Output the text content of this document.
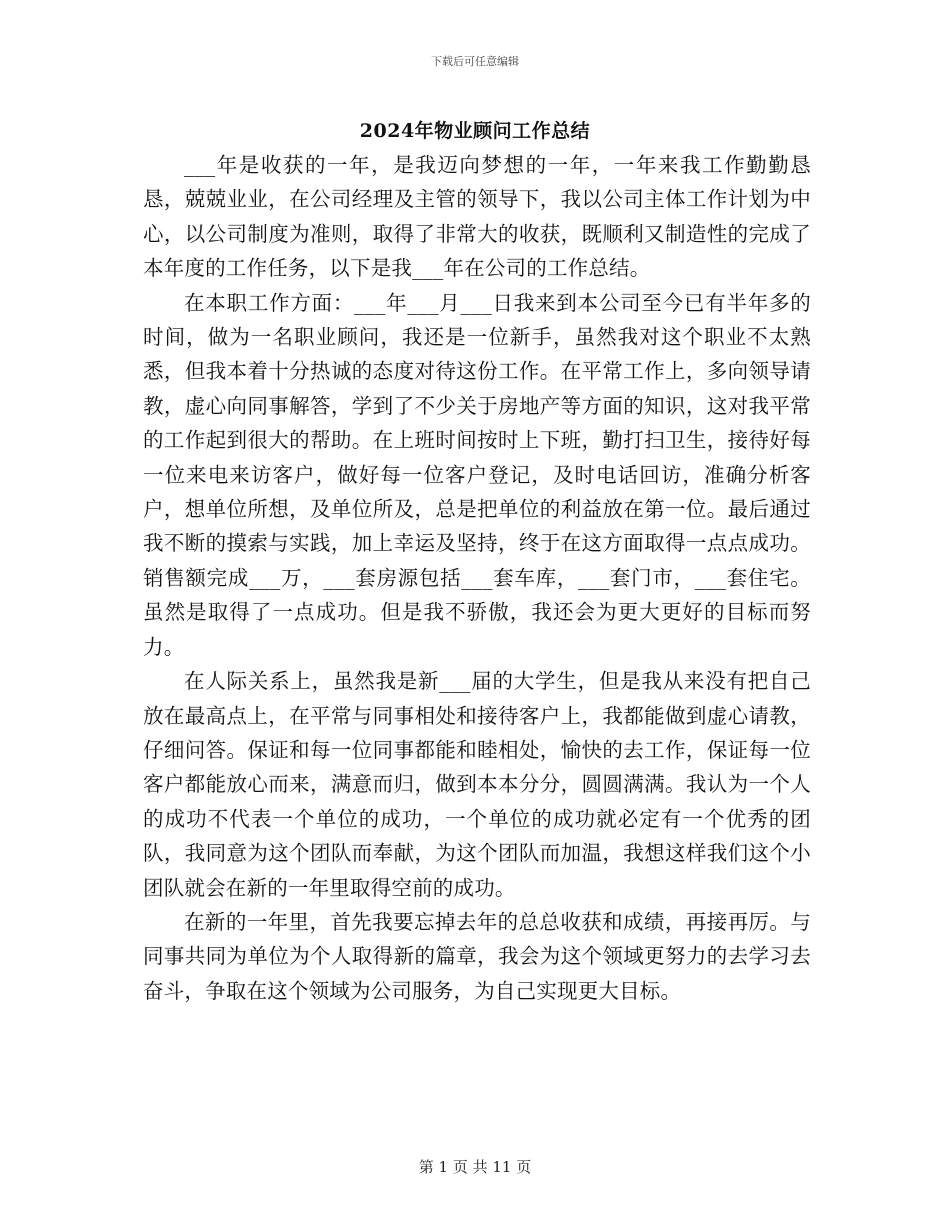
下载后可任意编辑
2024年物业顾问工作总结

___年是收获的一年，是我迈向梦想的一年，一年来我工作勤勤恳恳，兢兢业业，在公司经理及主管的领导下，我以公司主体工作计划为中心，以公司制度为准则，取得了非常大的收获，既顺利又制造性的完成了本年度的工作任务，以下是我___年在公司的工作总结。

在本职工作方面：___年___月___日我来到本公司至今已有半年多的时间，做为一名职业顾问，我还是一位新手，虽然我对这个职业不太熟悉，但我本着十分热诚的态度对待这份工作。在平常工作上，多向领导请教，虚心向同事解答，学到了不少关于房地产等方面的知识，这对我平常的工作起到很大的帮助。在上班时间按时上下班，勤打扫卫生，接待好每一位来电来访客户，做好每一位客户登记，及时电话回访，准确分析客户，想单位所想，及单位所及，总是把单位的利益放在第一位。最后通过我不断的摸索与实践，加上幸运及坚持，终于在这方面取得一点点成功。销售额完成___万，___套房源包括___套车库，___套门市，___套住宅。虽然是取得了一点成功。但是我不骄傲，我还会为更大更好的目标而努力。

在人际关系上，虽然我是新___届的大学生，但是我从来没有把自己放在最高点上，在平常与同事相处和接待客户上，我都能做到虚心请教，仔细问答。保证和每一位同事都能和睦相处，愉快的去工作，保证每一位客户都能放心而来，满意而归，做到本本分分，圆圆满满。我认为一个人的成功不代表一个单位的成功，一个单位的成功就必定有一个优秀的团队，我同意为这个团队而奉献，为这个团队而加温，我想这样我们这个小团队就会在新的一年里取得空前的成功。

在新的一年里，首先我要忘掉去年的总总收获和成绩，再接再厉。与同事共同为单位为个人取得新的篇章，我会为这个领域更努力的去学习去奋斗，争取在这个领域为公司服务，为自己实现更大目标。

第 1 页 共 11 页
